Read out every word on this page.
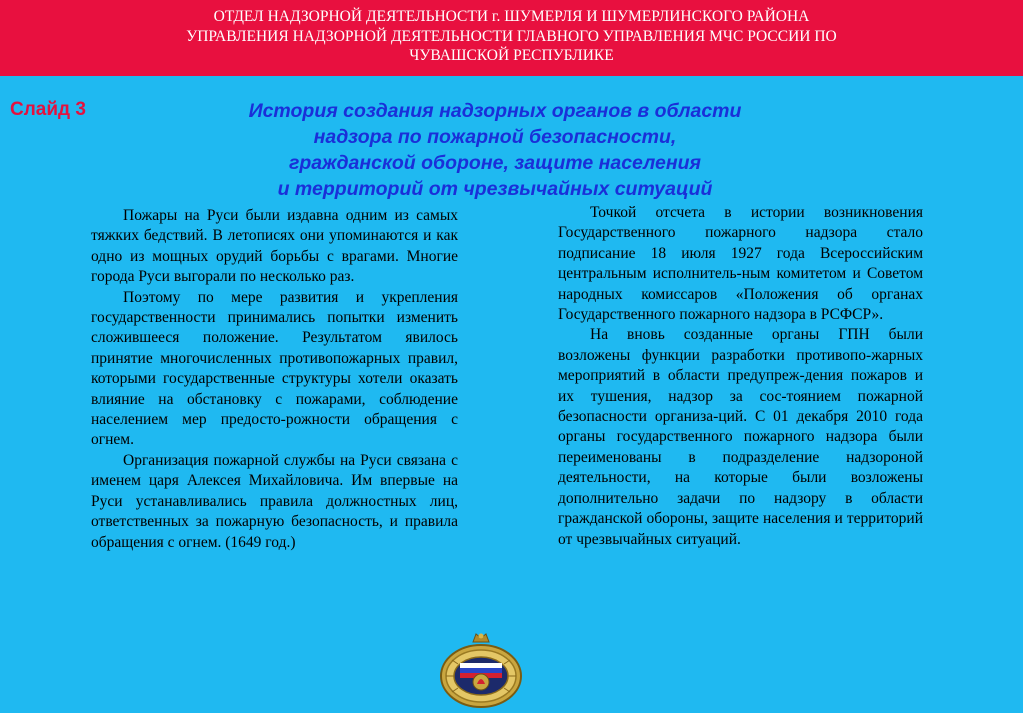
ОТДЕЛ НАДЗОРНОЙ ДЕЯТЕЛЬНОСТИ г. ШУМЕРЛЯ И ШУМЕРЛИНСКОГО РАЙОНА
УПРАВЛЕНИЯ НАДЗОРНОЙ ДЕЯТЕЛЬНОСТИ ГЛАВНОГО УПРАВЛЕНИЯ МЧС РОССИИ ПО
ЧУВАШСКОЙ РЕСПУБЛИКЕ
Слайд 3	История создания надзорных органов в области
надзора по пожарной безопасности,
гражданской обороне, защите населения
и территорий от чрезвычайных ситуаций

Пожары на Руси были издавна одним из самых тяжких бедствий. В летописях они упоминаются и как одно из мощных орудий борьбы с врагами. Многие города Руси выгорали по несколько раз.

Поэтому по мере развития и укрепления государственности принимались попытки изменить сложившееся положение. Результатом явилось принятие многочисленных противопожарных правил, которыми государственные структуры хотели оказать влияние на обстановку с пожарами, соблюдение населением мер предосто-рожности обращения с огнем.

Организация пожарной службы на Руси связана с именем царя Алексея Михайловича. Им впервые на Руси устанавливались правила должностных лиц, ответственных за пожарную безопасность, и правила обращения с огнем. (1649 год.)

Точкой отсчета в истории возникновения Государственного пожарного надзора стало подписание 18 июля 1927 года Всероссийским центральным исполнитель-ным комитетом и Советом народных комиссаров «Положения об органах Государственного пожарного надзора в РСФСР».

На вновь созданные органы ГПН были возложены функции разработки противопо-жарных мероприятий в области предупреж-дения пожаров и их тушения, надзор за сос-тоянием пожарной безопасности организа-ций. С 01 декабря 2010 года органы государственного пожарного надзора были переименованы в подразделение надзороной деятельности, на которые были возложены дополнительно задачи по надзору в области гражданской обороны, защите населения и территорий от чрезвычайных ситуаций.
